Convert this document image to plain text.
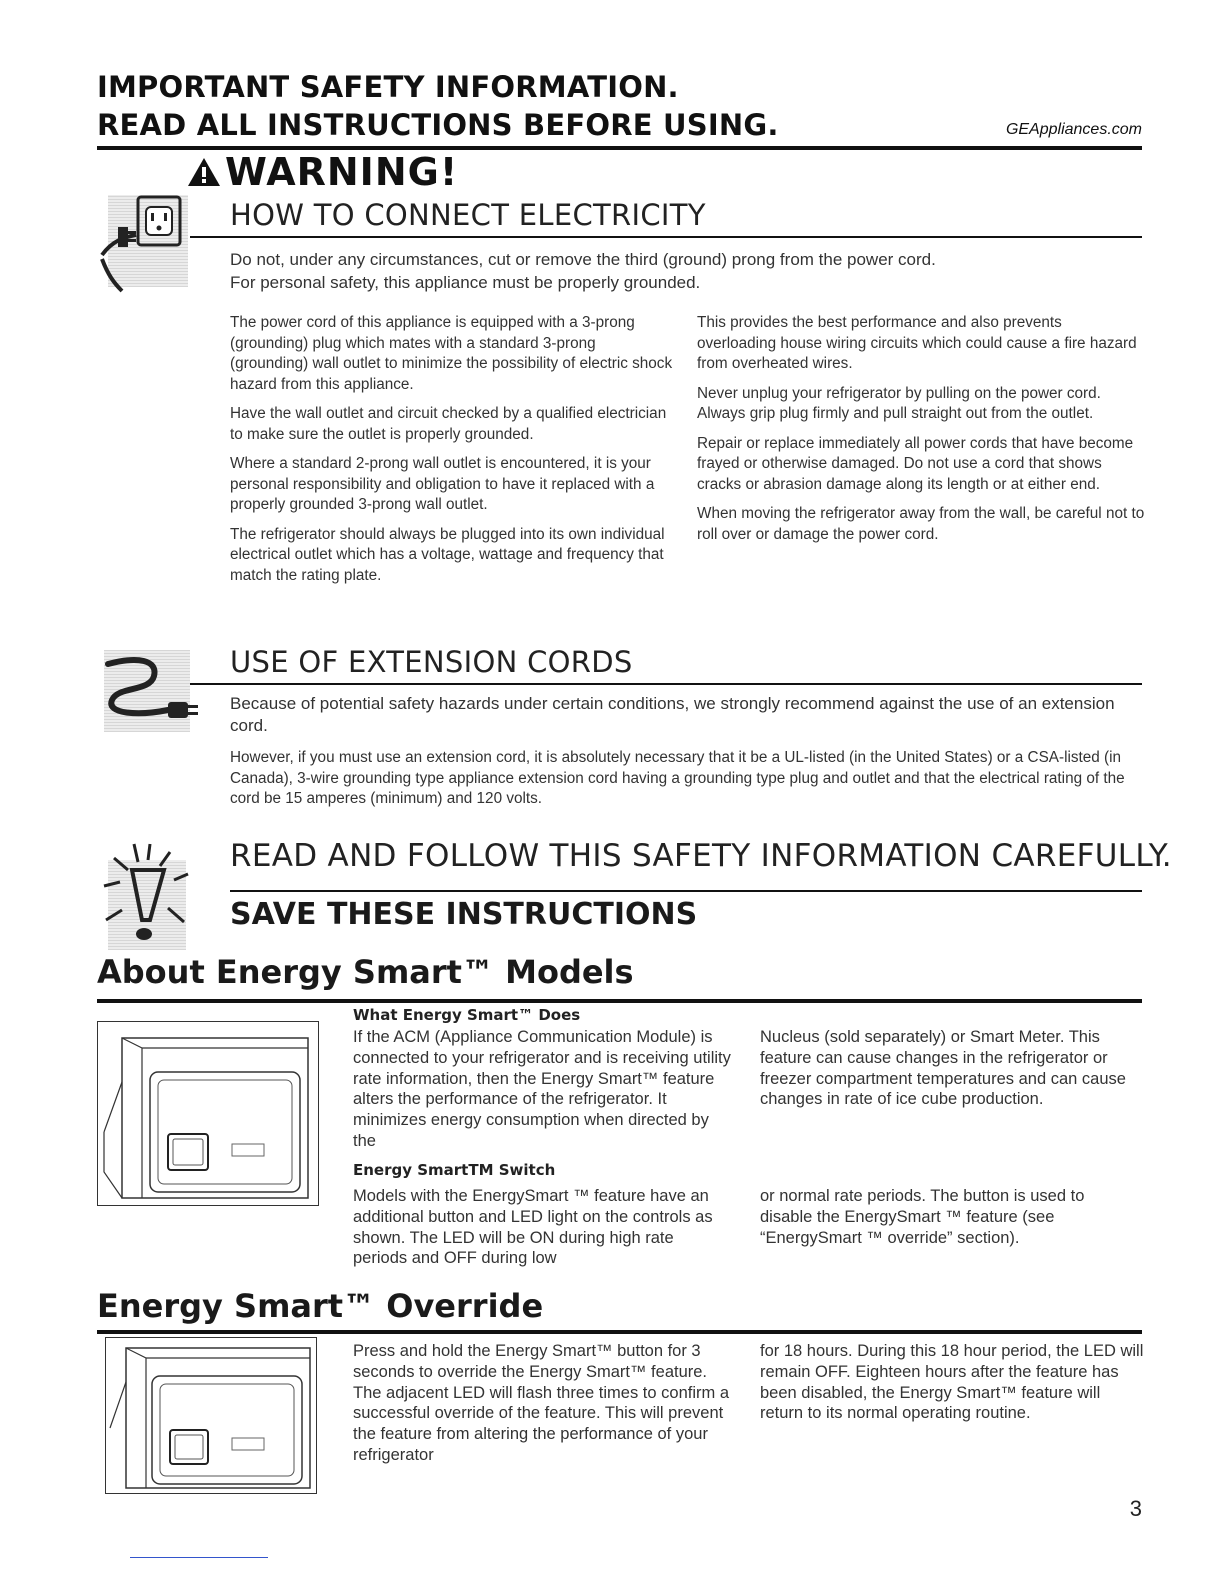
IMPORTANT SAFETY INFORMATION.
READ ALL INSTRUCTIONS BEFORE USING.	GEAppliances.com
WARNING!
HOW TO CONNECT ELECTRICITY
Do not, under any circumstances, cut or remove the third (ground) prong from the power cord.
For personal safety, this appliance must be properly grounded.

The power cord of this appliance is equipped with a 3-prong (grounding) plug which mates with a standard 3-prong (grounding) wall outlet to minimize the possibility of electric shock hazard from this appliance.

Have the wall outlet and circuit checked by a qualified electrician to make sure the outlet is properly grounded.

Where a standard 2-prong wall outlet is encountered, it is your personal responsibility and obligation to have it replaced with a properly grounded 3-prong wall outlet.

The refrigerator should always be plugged into its own individual electrical outlet which has a voltage, wattage and frequency that match the rating plate.

This provides the best performance and also prevents overloading house wiring circuits which could cause a fire hazard from overheated wires.

Never unplug your refrigerator by pulling on the power cord. Always grip plug firmly and pull straight out from the outlet.

Repair or replace immediately all power cords that have become frayed or otherwise damaged. Do not use a cord that shows cracks or abrasion damage along its length or at either end.

When moving the refrigerator away from the wall, be careful not to roll over or damage the power cord.

USE OF EXTENSION CORDS
Because of potential safety hazards under certain conditions, we strongly recommend against the use of an extension cord.
However, if you must use an extension cord, it is absolutely necessary that it be a UL-listed (in the United States) or a CSA-listed (in Canada), 3-wire grounding type appliance extension cord having a grounding type plug and outlet and that the electrical rating of the cord be 15 amperes (minimum) and 120 volts.
READ AND FOLLOW THIS SAFETY INFORMATION CAREFULLY.
SAVE THESE INSTRUCTIONS
About Energy Smart™ Models
What Energy Smart™ Does
If the ACM (Appliance Communication Module) is connected to your refrigerator and is receiving utility rate information, then the Energy Smart™ feature alters the performance of the refrigerator. It minimizes energy consumption when directed by the
Nucleus (sold separately) or Smart Meter. This feature can cause changes in the refrigerator or freezer compartment temperatures and can cause changes in rate of ice cube production.
Energy SmartTM Switch
Models with the EnergySmart ™ feature have an additional button and LED light on the controls as shown. The LED will be ON during high rate periods and OFF during low
or normal rate periods. The button is used to disable the EnergySmart ™ feature (see “EnergySmart ™ override” section).
Energy Smart™ Override
Press and hold the Energy Smart™ button for 3 seconds to override the Energy Smart™ feature. The adjacent LED will flash three times to confirm a successful override of the feature. This will prevent the feature from altering the performance of your refrigerator
for 18 hours. During this 18 hour period, the LED will remain OFF. Eighteen hours after the feature has been disabled, the Energy Smart™ feature will return to its normal operating routine.
3
